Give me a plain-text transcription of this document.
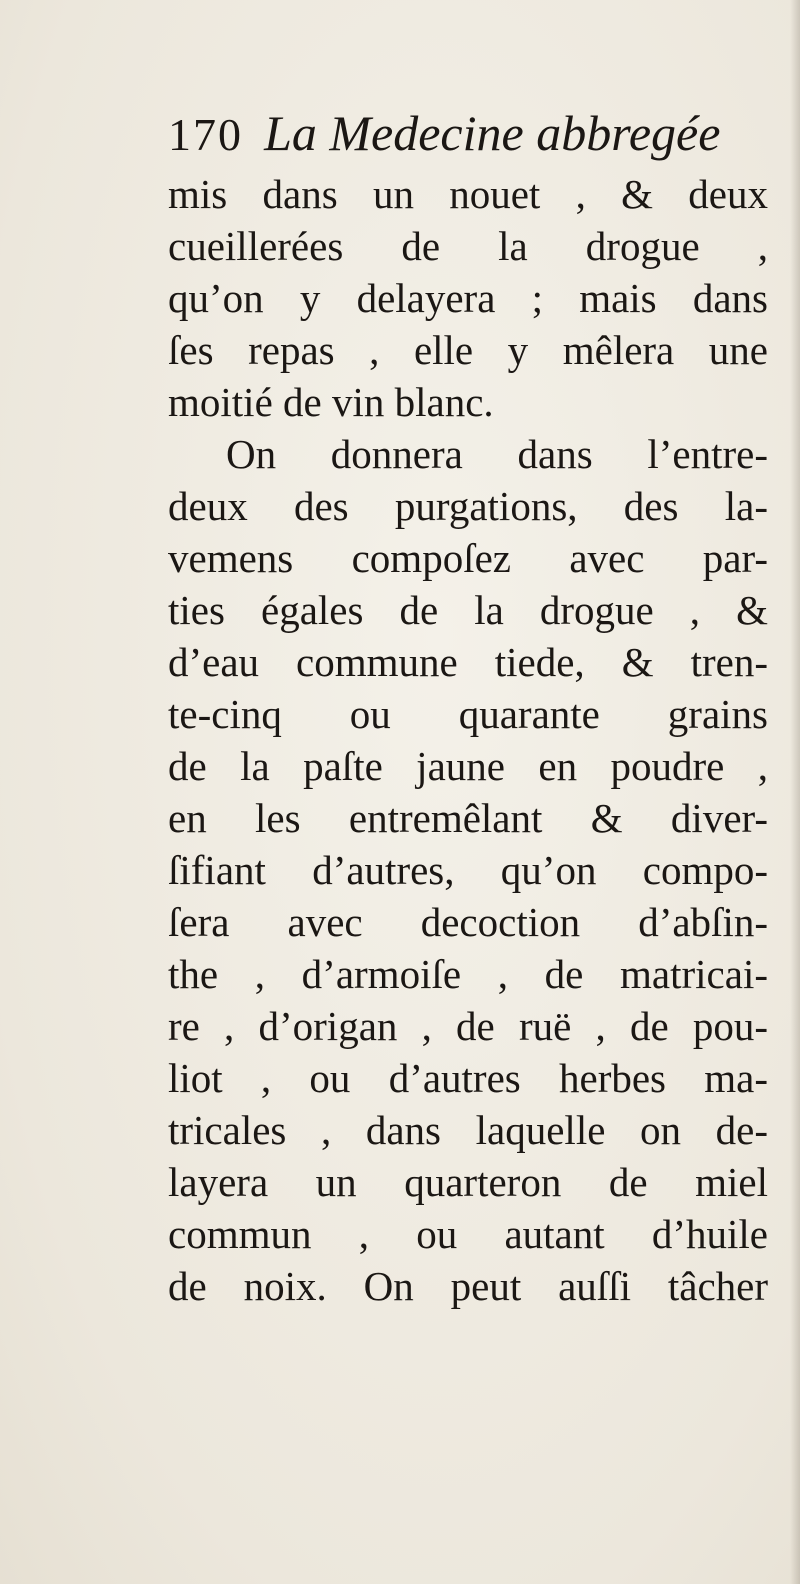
170 La Medecine abbregée
mis dans un nouet , & deux
cueillerées de la drogue ,
qu’on y delayera ; mais dans
ſes repas , elle y mêlera une
moitié de vin blanc.
On donnera dans l’entre-
deux des purgations, des la-
vemens compoſez avec par-
ties égales de la drogue , &
d’eau commune tiede, & tren-
te-cinq ou quarante grains
de la paſte jaune en poudre ,
en les entremêlant & diver-
ſifiant d’autres, qu’on compo-
ſera avec decoction d’abſin-
the , d’armoiſe , de matricai-
re , d’origan , de ruë , de pou-
liot , ou d’autres herbes ma-
tricales , dans laquelle on de-
layera un quarteron de miel
commun , ou autant d’huile
de noix. On peut auſſi tâcher
